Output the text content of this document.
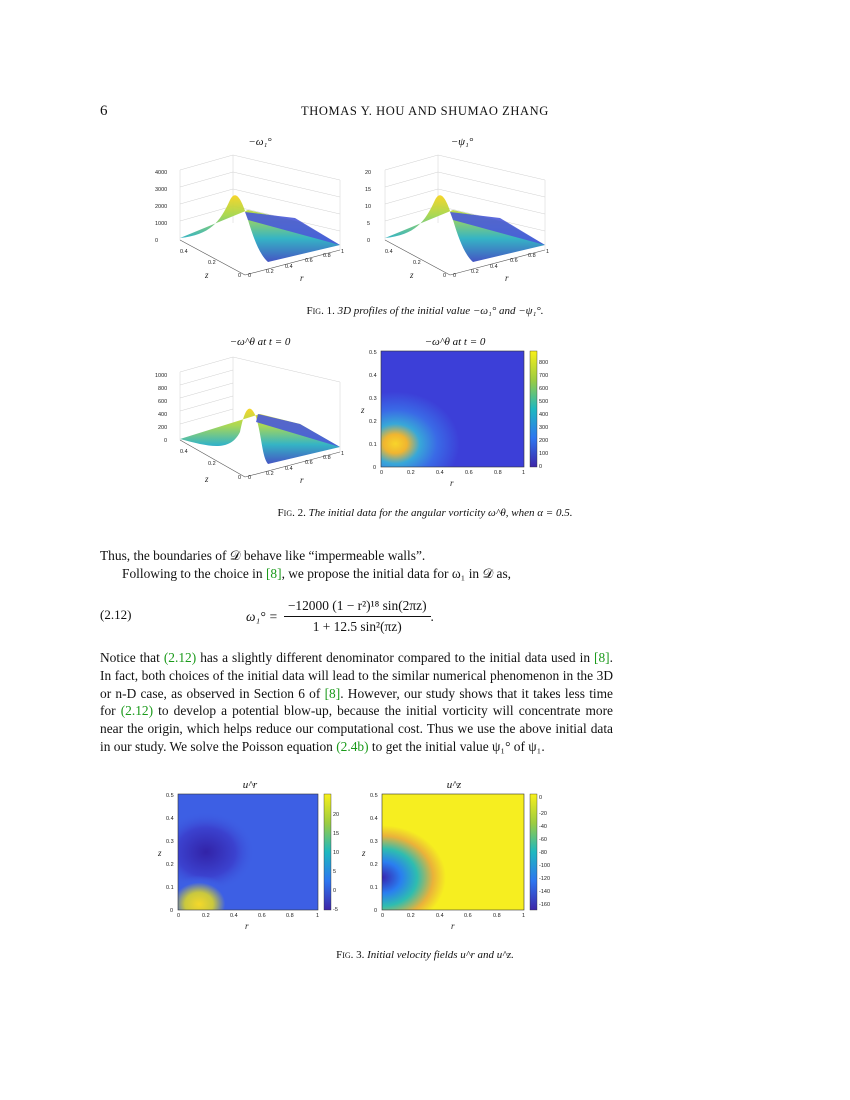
6	THOMAS Y. HOU AND SHUMAO ZHANG
−ω₁°	−ψ₁°
0
1000
2000
3000
4000
0.4
0.2
0 0
0.2
0.4
0.6
0.8
1
z	r
0
5
10
15
20
0.4
0.2
0 0
0.2
0.4
0.6
0.8
1
z	r
Fig. 1. 3D profiles of the initial value −ω₁° and −ψ₁°.
−ω^θ at t = 0	−ω^θ at t = 0
0
200
400
600
800
1000
0.4
0.2
0 0
0.2
0.4
0.6
0.8
1
z	r
0
0.1
0.2
0.3
0.4
0.5
0	0.2	0.4	0.6	0.8	1
0
100
200
300
400
500
600
700
800
z
r
Fig. 2. The initial data for the angular vorticity ω^θ, when α = 0.5.
Thus, the boundaries of 𝒟 behave like “impermeable walls”.
Following to the choice in [8], we propose the initial data for ω₁ in 𝒟 as,
(2.12)	$\omega_1^\circ = \frac{\text{−12000 (1 − r²)¹⁸ sin(2πz)}}{\text{1 + 12.5 sin²(πz)}}$ .
Notice that (2.12) has a slightly different denominator compared to the initial data used in [8]. In fact, both choices of the initial data will lead to the similar numerical phenomenon in the 3D or n-D case, as observed in Section 6 of [8]. However, our study shows that it takes less time for (2.12) to develop a potential blow-up, because the initial vorticity will concentrate more near the origin, which helps reduce our computational cost. Thus we use the above initial data in our study. We solve the Poisson equation (2.4b) to get the initial value ψ₁° of ψ₁.
u^r	u^z
0
0.1
0.2
0.3
0.4
0.5
0	0.2	0.4	0.6	0.8	1
-5
0
5
10
15
20
z
r
0
0.1
0.2
0.3
0.4
0.5
0	0.2	0.4	0.6	0.8	1
-160
-140
-120
-100
-80
-60
-40
-20
0
z
r
Fig. 3. Initial velocity fields u^r and u^z.
